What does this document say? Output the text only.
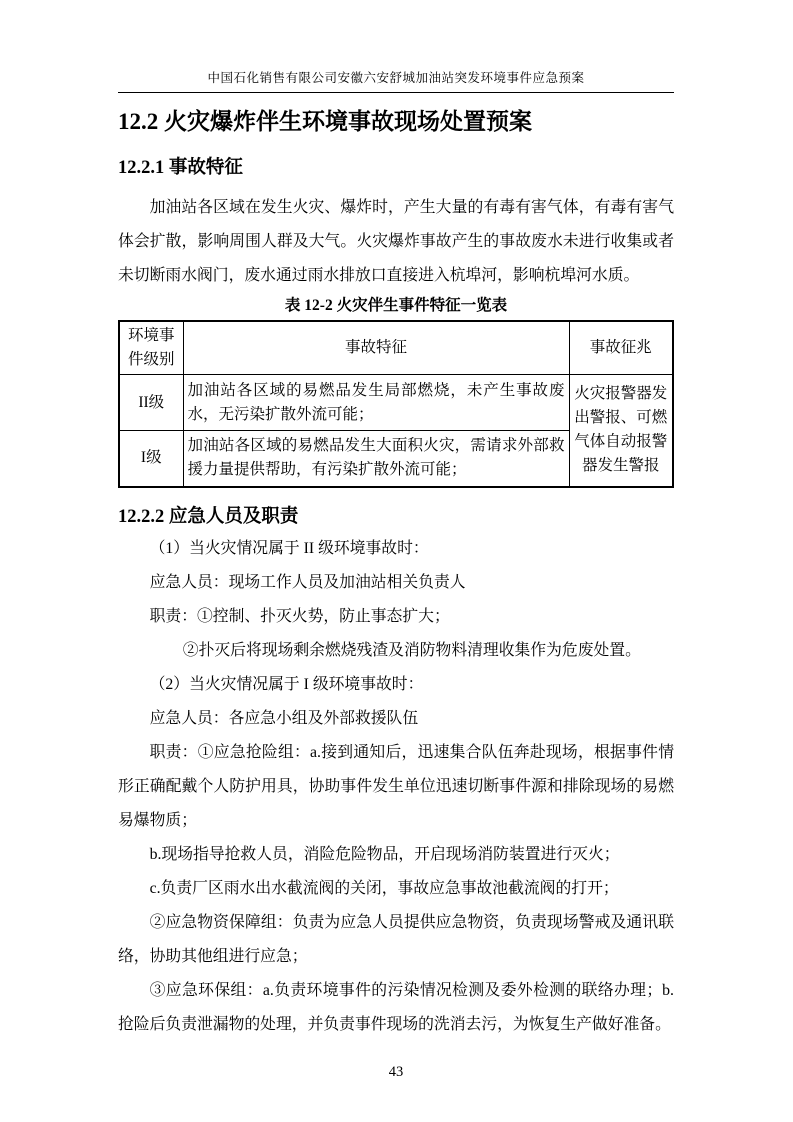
中国石化销售有限公司安徽六安舒城加油站突发环境事件应急预案
12.2 火灾爆炸伴生环境事故现场处置预案
12.2.1 事故特征

加油站各区域在发生火灾、爆炸时，产生大量的有毒有害气体，有毒有害气体会扩散，影响周围人群及大气。火灾爆炸事故产生的事故废水未进行收集或者未切断雨水阀门，废水通过雨水排放口直接进入杭埠河，影响杭埠河水质。

表 12-2 火灾伴生事件特征一览表
环境事件级别	事故特征	事故征兆
II级	加油站各区域的易燃品发生局部燃烧，未产生事故废水，无污染扩散外流可能；	火灾报警器发出警报、可燃气体自动报警器发生警报
I级	加油站各区域的易燃品发生大面积火灾，需请求外部救援力量提供帮助，有污染扩散外流可能；	
12.2.2 应急人员及职责

（1）当火灾情况属于 II 级环境事故时：

应急人员：现场工作人员及加油站相关负责人

职责：①控制、扑灭火势，防止事态扩大；

②扑灭后将现场剩余燃烧残渣及消防物料清理收集作为危废处置。

（2）当火灾情况属于 I 级环境事故时：

应急人员：各应急小组及外部救援队伍

职责：①应急抢险组：a.接到通知后，迅速集合队伍奔赴现场，根据事件情形正确配戴个人防护用具，协助事件发生单位迅速切断事件源和排除现场的易燃易爆物质；

b.现场指导抢救人员，消险危险物品，开启现场消防装置进行灭火；

c.负责厂区雨水出水截流阀的关闭，事故应急事故池截流阀的打开；

②应急物资保障组：负责为应急人员提供应急物资，负责现场警戒及通讯联络，协助其他组进行应急；

③应急环保组：a.负责环境事件的污染情况检测及委外检测的联络办理；b.抢险后负责泄漏物的处理，并负责事件现场的洗消去污，为恢复生产做好准备。

43
